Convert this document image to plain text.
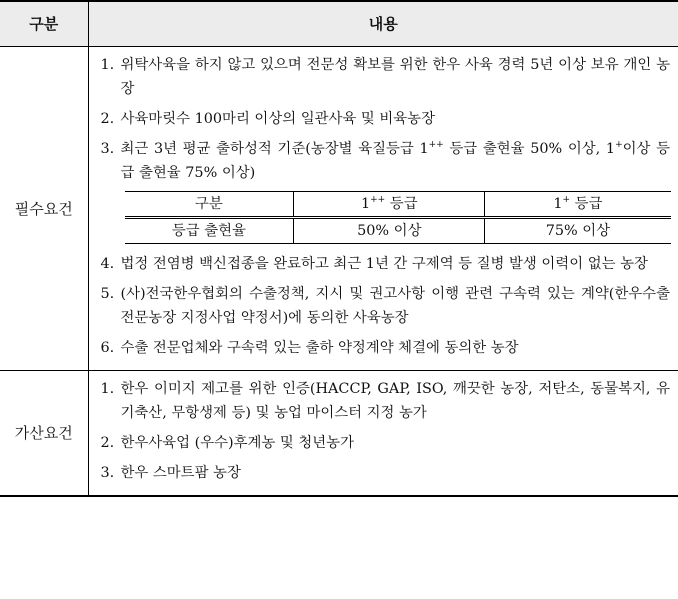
구분	내용
필수요건	
1. 위탁사육을 하지 않고 있으며 전문성 확보를 위한 한우 사육 경력 5년 이상 보유 개인 농장
2. 사육마릿수 100마리 이상의 일관사육 및 비육농장
3. 최근 3년 평균 출하성적 기준(농장별 육질등급 1++ 등급 출현율 50% 이상, 1+이상 등급 출현율 75% 이상)
구분	1++ 등급	1+ 등급
등급 출현율	50% 이상	75% 이상
4. 법정 전염병 백신접종을 완료하고 최근 1년 간 구제역 등 질병 발생 이력이 없는 농장
5. (사)전국한우협회의 수출정책, 지시 및 권고사항 이행 관련 구속력 있는 계약(한우수출 전문농장 지정사업 약정서)에 동의한 사육농장
6. 수출 전문업체와 구속력 있는 출하 약정계약 체결에 동의한 농장

가산요건	
1. 한우 이미지 제고를 위한 인증(HACCP, GAP, ISO, 깨끗한 농장, 저탄소, 동물복지, 유기축산, 무항생제 등) 및 농업 마이스터 지정 농가
2. 한우사육업 (우수)후계농 및 청년농가
3. 한우 스마트팜 농장
